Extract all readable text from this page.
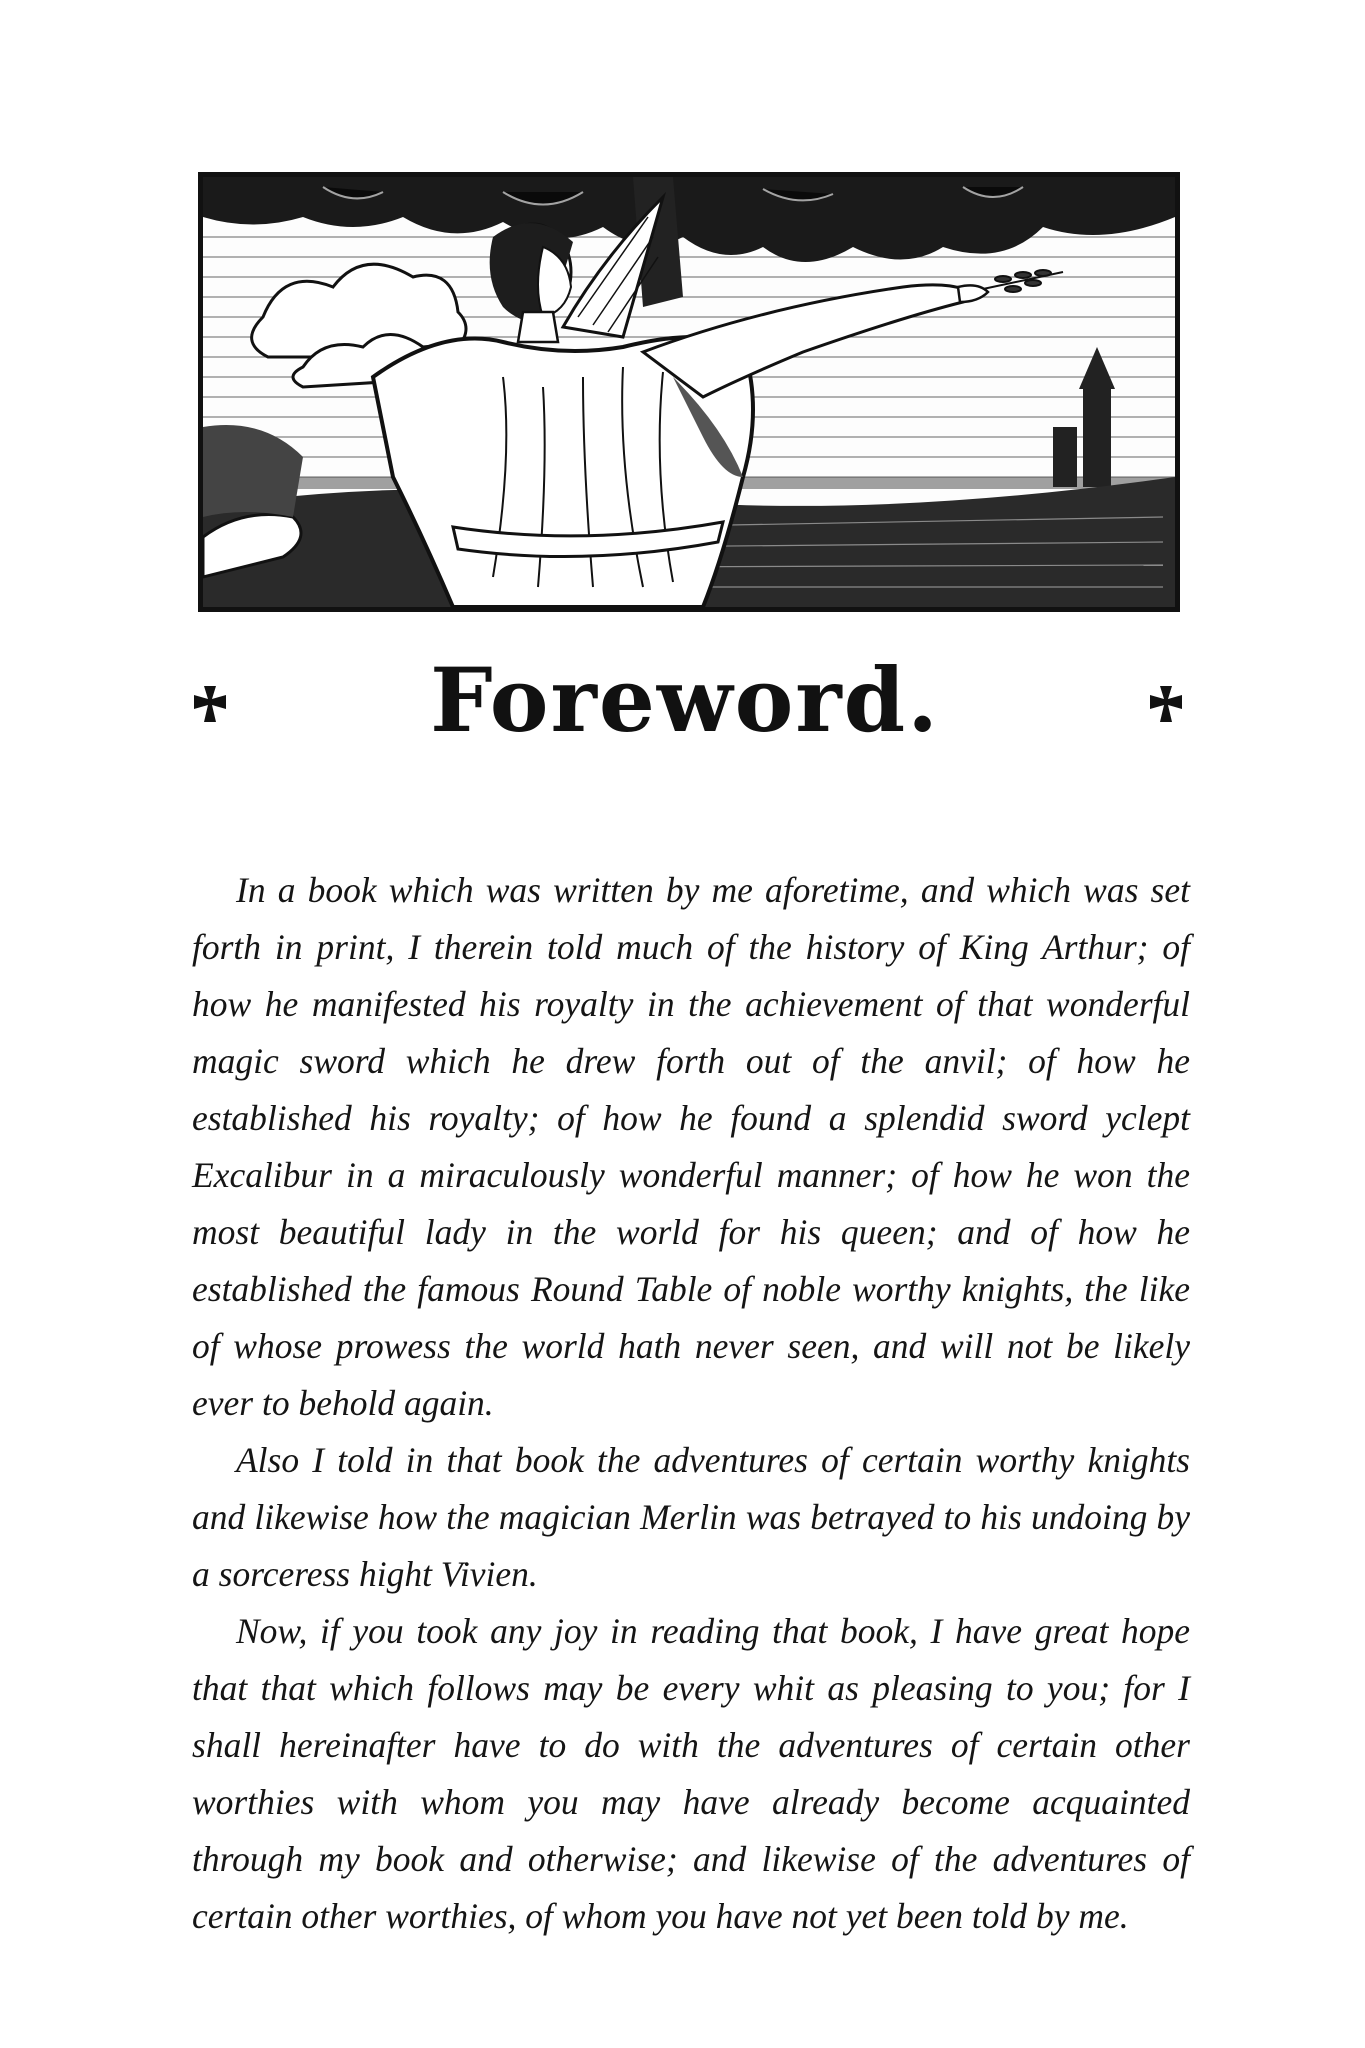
Foreword.

In a book which was written by me aforetime, and which was set forth in print, I therein told much of the history of King Arthur; of how he manifested his royalty in the achievement of that wonderful magic sword which he drew forth out of the anvil; of how he established his royalty; of how he found a splendid sword yclept Excalibur in a miraculously wonderful manner; of how he won the most beautiful lady in the world for his queen; and of how he established the famous Round Table of noble worthy knights, the like of whose prowess the world hath never seen, and will not be likely ever to behold again.

Also I told in that book the adventures of certain worthy knights and likewise how the magician Merlin was betrayed to his undoing by a sorceress hight Vivien.

Now, if you took any joy in reading that book, I have great hope that that which follows may be every whit as pleasing to you; for I shall hereinafter have to do with the adventures of certain other worthies with whom you may have already become acquainted through my book and otherwise; and likewise of the adventures of certain other worthies, of whom you have not yet been told by me.
